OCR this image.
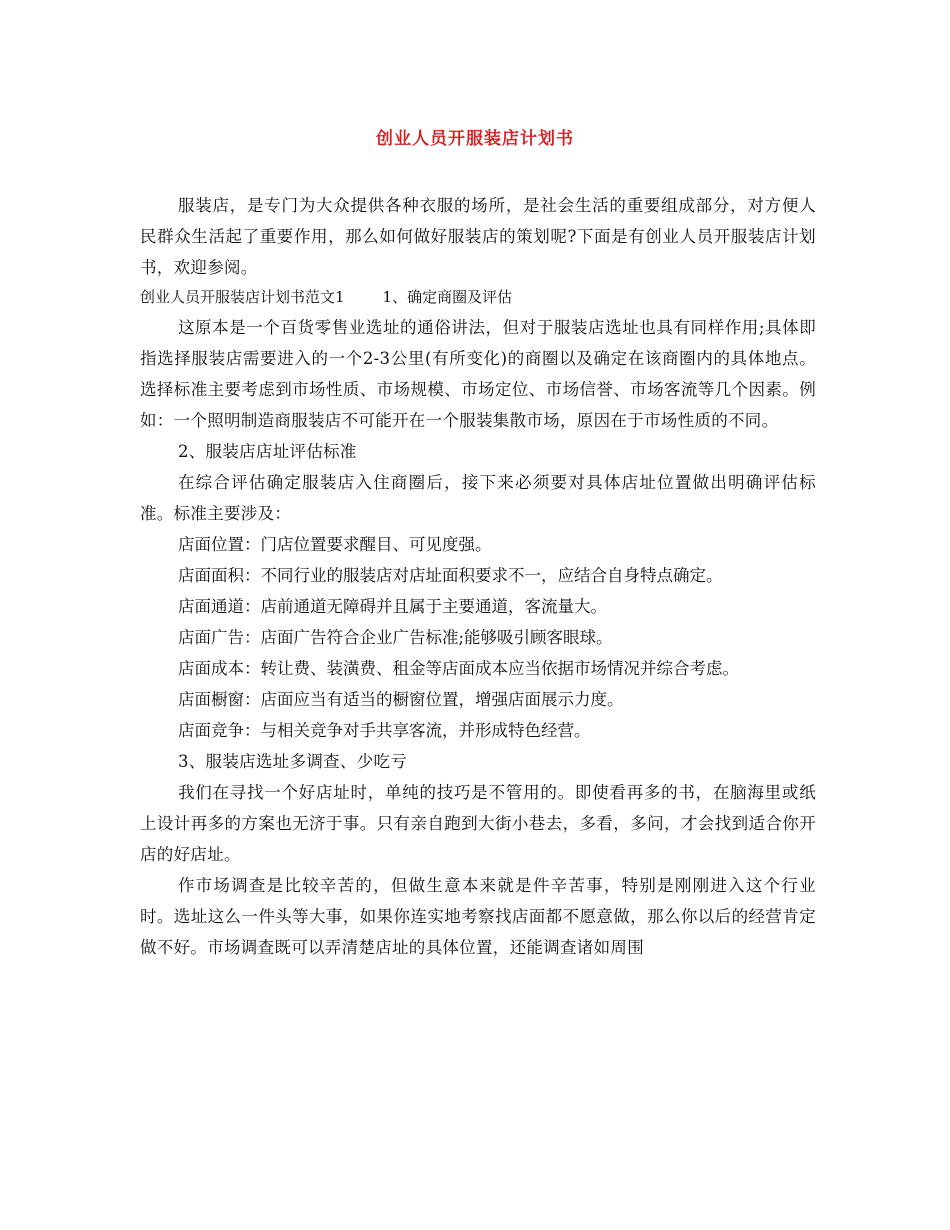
创业人员开服装店计划书

服装店，是专门为大众提供各种衣服的场所，是社会生活的重要组成部分，对方便人民群众生活起了重要作用，那么如何做好服装店的策划呢?下面是有创业人员开服装店计划书，欢迎参阅。

创业人员开服装店计划书范文1	1、确定商圈及评估

这原本是一个百货零售业选址的通俗讲法，但对于服装店选址也具有同样作用;具体即指选择服装店需要进入的一个2-3公里(有所变化)的商圈以及确定在该商圈内的具体地点。选择标准主要考虑到市场性质、市场规模、市场定位、市场信誉、市场客流等几个因素。例如：一个照明制造商服装店不可能开在一个服装集散市场，原因在于市场性质的不同。

2、服装店店址评估标准

在综合评估确定服装店入住商圈后，接下来必须要对具体店址位置做出明确评估标准。标准主要涉及：

店面位置：门店位置要求醒目、可见度强。

店面面积：不同行业的服装店对店址面积要求不一，应结合自身特点确定。

店面通道：店前通道无障碍并且属于主要通道，客流量大。

店面广告：店面广告符合企业广告标准;能够吸引顾客眼球。

店面成本：转让费、装潢费、租金等店面成本应当依据市场情况并综合考虑。

店面橱窗：店面应当有适当的橱窗位置，增强店面展示力度。

店面竞争：与相关竞争对手共享客流，并形成特色经营。

3、服装店选址多调查、少吃亏

我们在寻找一个好店址时，单纯的技巧是不管用的。即使看再多的书，在脑海里或纸上设计再多的方案也无济于事。只有亲自跑到大街小巷去，多看，多问，才会找到适合你开店的好店址。

作市场调查是比较辛苦的，但做生意本来就是件辛苦事，特别是刚刚进入这个行业时。选址这么一件头等大事，如果你连实地考察找店面都不愿意做，那么你以后的经营肯定做不好。市场调查既可以弄清楚店址的具体位置，还能调查诸如周围
